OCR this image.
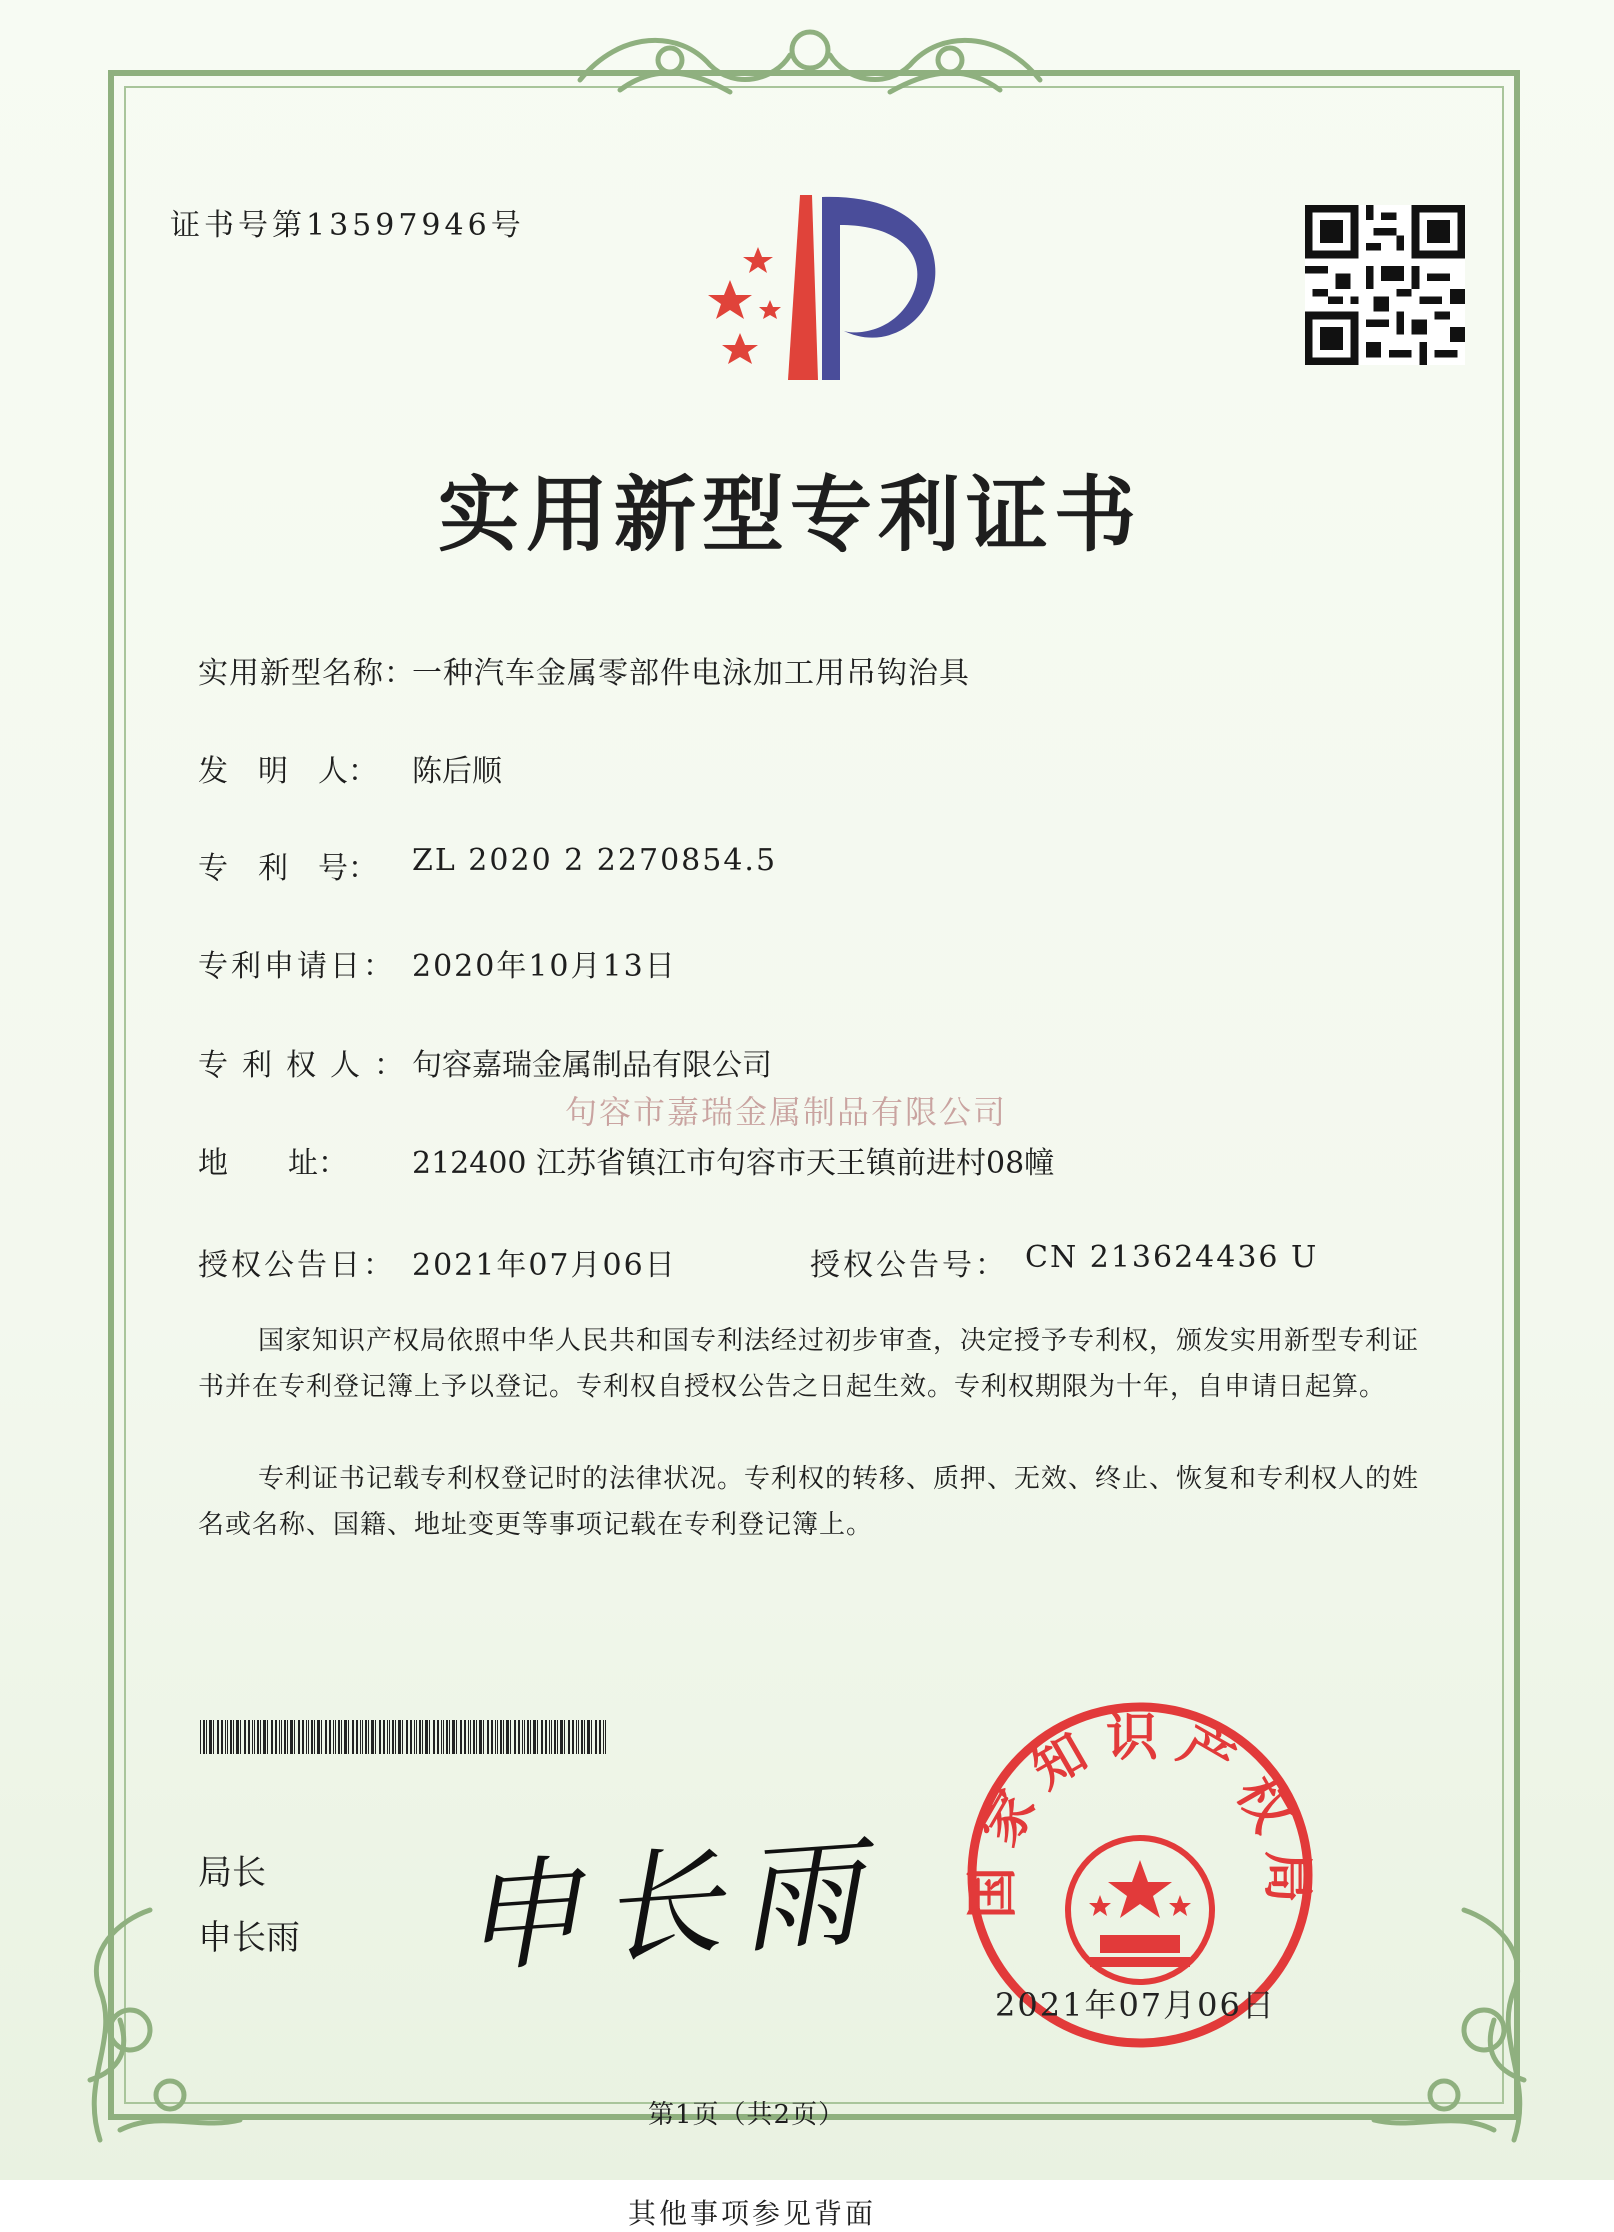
证书号第13597946号
实用新型专利证书
实用新型名称：
一种汽车金属零部件电泳加工用吊钩治具
发　明　人： 陈后顺
专　利　号： ZL 2020 2 2270854.5
专利申请日： 2020年10月13日
专利权人：
句容嘉瑞金属制品有限公司
句容市嘉瑞金属制品有限公司
地　　址： 212400 江苏省镇江市句容市天王镇前进村08幢
授权公告日： 2021年07月06日	授权公告号： CN 213624436 U
国家知识产权局依照中华人民共和国专利法经过初步审查，决定授予专利权，颁发实用新型专利证书并在专利登记簿上予以登记。专利权自授权公告之日起生效。专利权期限为十年，自申请日起算。
专利证书记载专利权登记时的法律状况。专利权的转移、质押、无效、终止、恢复和专利权人的姓名或名称、国籍、地址变更等事项记载在专利登记簿上。
局长
申长雨 申长雨 国家知识产权局
2021年07月06日
第1页（共2页）
其他事项参见背面
